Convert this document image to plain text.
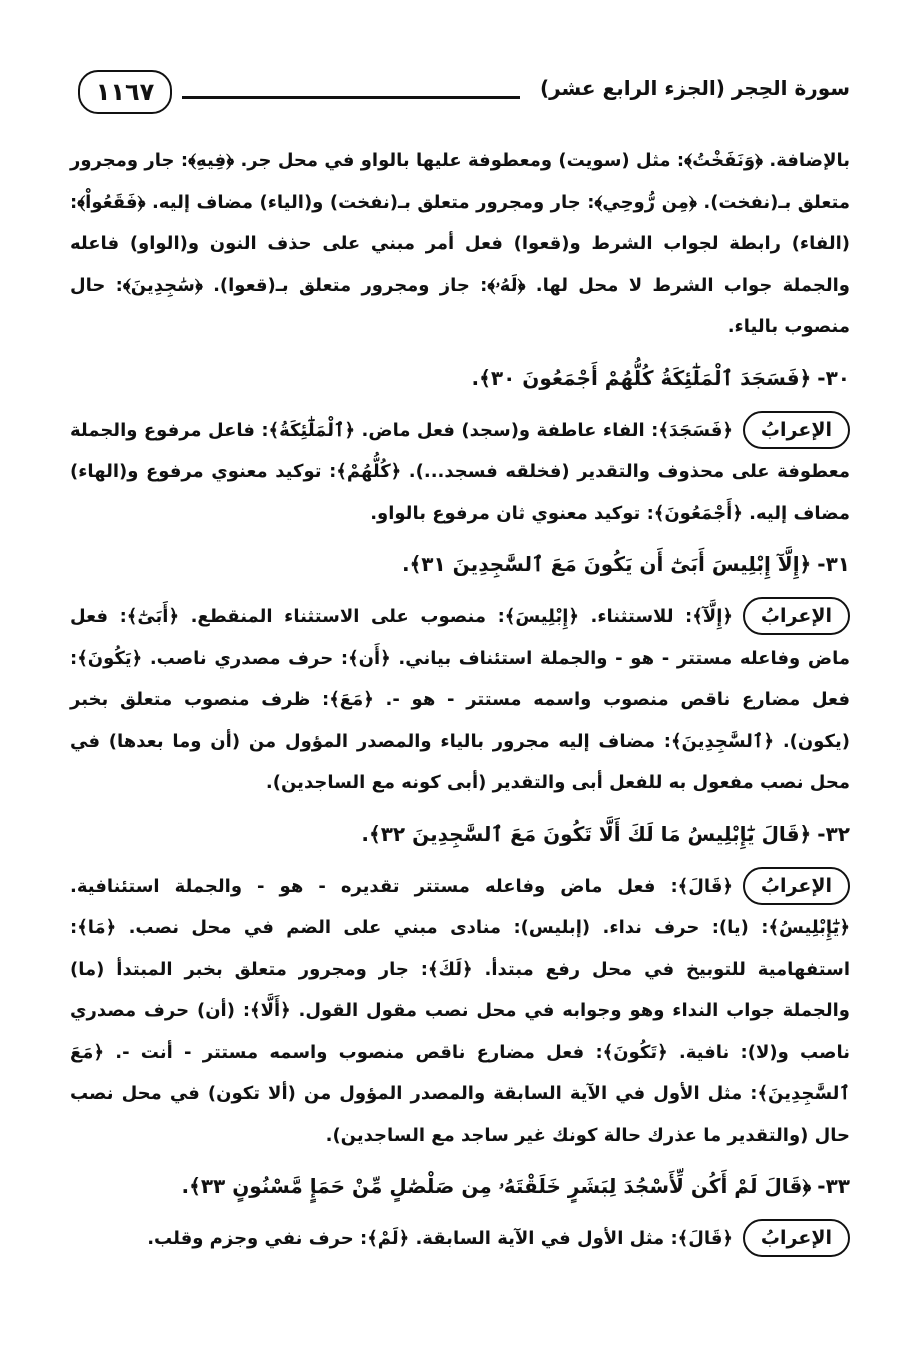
١١٦٧	سورة الحِجر (الجزء الرابع عشر)

بالإضافة. ﴿وَنَفَخْتُ﴾: مثل (سويت) ومعطوفة عليها بالواو في محل جر. ﴿فِيهِ﴾: جار ومجرور متعلق بـ(نفخت). ﴿مِن رُّوحِي﴾: جار ومجرور متعلق بـ(نفخت) و(الياء) مضاف إليه. ﴿فَقَعُواْ﴾: (الفاء) رابطة لجواب الشرط و(قعوا) فعل أمر مبني على حذف النون و(الواو) فاعله والجملة جواب الشرط لا محل لها. ﴿لَهُۥ﴾: جاز ومجرور متعلق بـ(قعوا). ﴿سَٰجِدِينَ﴾: حال منصوب بالياء.

٣٠-﴿فَسَجَدَ ٱلْمَلَٰٓئِكَةُ كُلُّهُمْ أَجْمَعُونَ ٣٠﴾.

الإعرابُ﴿فَسَجَدَ﴾: الفاء عاطفة و(سجد) فعل ماض. ﴿ٱلْمَلَٰٓئِكَةُ﴾: فاعل مرفوع والجملة معطوفة على محذوف والتقدير (فخلقه فسجد...). ﴿كُلُّهُمْ﴾: توكيد معنوي مرفوع و(الهاء) مضاف إليه. ﴿أَجْمَعُونَ﴾: توكيد معنوي ثان مرفوع بالواو.

٣١-﴿إِلَّآ إِبْلِيسَ أَبَىٰٓ أَن يَكُونَ مَعَ ٱلسَّٰجِدِينَ ٣١﴾.

الإعرابُ﴿إِلَّآ﴾: للاستثناء. ﴿إِبْلِيسَ﴾: منصوب على الاستثناء المنقطع. ﴿أَبَىٰٓ﴾: فعل ماض وفاعله مستتر - هو - والجملة استئناف بياني. ﴿أَن﴾: حرف مصدري ناصب. ﴿يَكُونَ﴾: فعل مضارع ناقص منصوب واسمه مستتر - هو -. ﴿مَعَ﴾: ظرف منصوب متعلق بخبر (يكون). ﴿ٱلسَّٰجِدِينَ﴾: مضاف إليه مجرور بالياء والمصدر المؤول من (أن وما بعدها) في محل نصب مفعول به للفعل أبى والتقدير (أبى كونه مع الساجدين).

٣٢-﴿قَالَ يَٰٓإِبْلِيسُ مَا لَكَ أَلَّا تَكُونَ مَعَ ٱلسَّٰجِدِينَ ٣٢﴾.

الإعرابُ﴿قَالَ﴾: فعل ماض وفاعله مستتر تقديره - هو - والجملة استئنافية. ﴿يَٰٓإِبْلِيسُ﴾: (يا): حرف نداء. (إبليس): منادى مبني على الضم في محل نصب. ﴿مَا﴾: استفهامية للتوبيخ في محل رفع مبتدأ. ﴿لَكَ﴾: جار ومجرور متعلق بخبر المبتدأ (ما) والجملة جواب النداء وهو وجوابه في محل نصب مقول القول. ﴿أَلَّا﴾: (أن) حرف مصدري ناصب و(لا): نافية. ﴿تَكُونَ﴾: فعل مضارع ناقص منصوب واسمه مستتر - أنت -. ﴿مَعَ ٱلسَّٰجِدِينَ﴾: مثل الأول في الآية السابقة والمصدر المؤول من (ألا تكون) في محل نصب حال (والتقدير ما عذرك حالة كونك غير ساجد مع الساجدين).

٣٣-﴿قَالَ لَمْ أَكُن لِّأَسْجُدَ لِبَشَرٍ خَلَقْتَهُۥ مِن صَلْصَٰلٍ مِّنْ حَمَإٍ مَّسْنُونٍ ٣٣﴾.

الإعرابُ﴿قَالَ﴾: مثل الأول في الآية السابقة. ﴿لَمْ﴾: حرف نفي وجزم وقلب.
